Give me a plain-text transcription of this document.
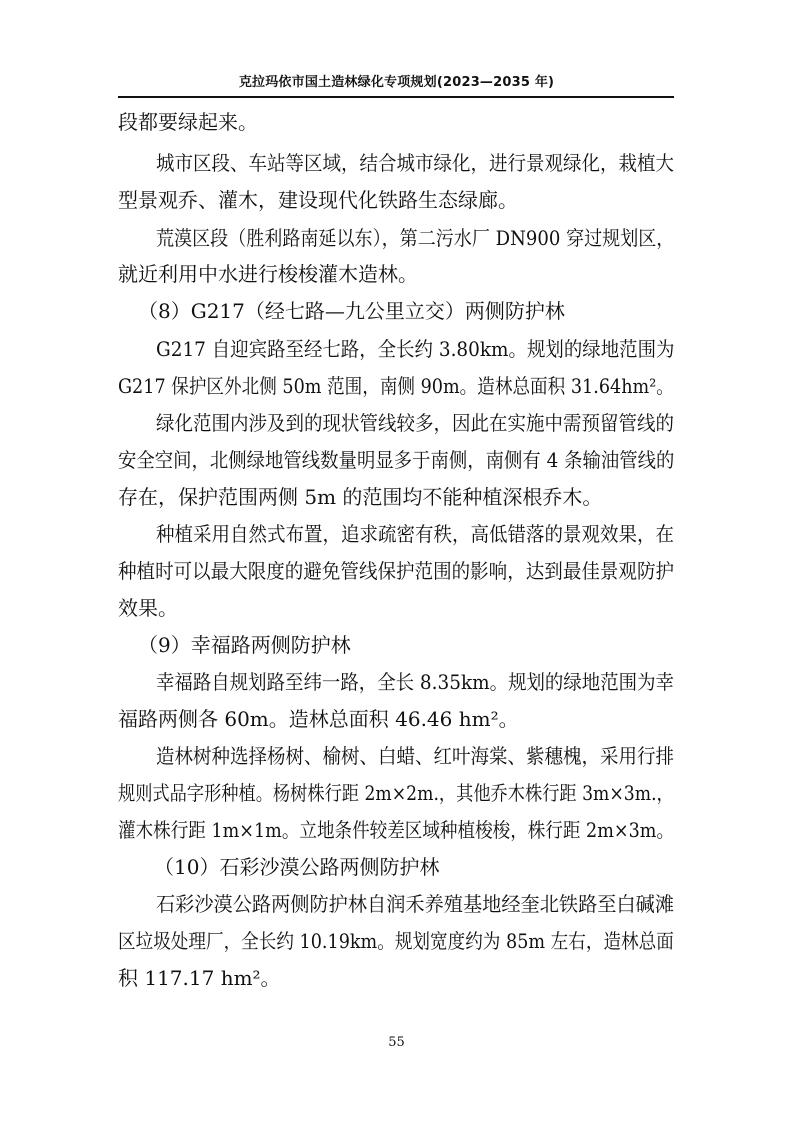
克拉玛依市国土造林绿化专项规划(2023—2035 年)
段都要绿起来。
城市区段、车站等区域，结合城市绿化，进行景观绿化，栽植大
型景观乔、灌木，建设现代化铁路生态绿廊。
荒漠区段（胜利路南延以东），第二污水厂 DN900 穿过规划区，
就近利用中水进行梭梭灌木造林。
（8）G217（经七路—九公里立交）两侧防护林
G217 自迎宾路至经七路，全长约 3.80km。规划的绿地范围为
G217 保护区外北侧 50m 范围，南侧 90m。造林总面积 31.64hm²。
绿化范围内涉及到的现状管线较多，因此在实施中需预留管线的
安全空间，北侧绿地管线数量明显多于南侧，南侧有 4 条输油管线的
存在，保护范围两侧 5m 的范围均不能种植深根乔木。
种植采用自然式布置，追求疏密有秩，高低错落的景观效果，在
种植时可以最大限度的避免管线保护范围的影响，达到最佳景观防护
效果。
（9）幸福路两侧防护林
幸福路自规划路至纬一路，全长 8.35km。规划的绿地范围为幸
福路两侧各 60m。造林总面积 46.46 hm²。
造林树种选择杨树、榆树、白蜡、红叶海棠、紫穗槐，采用行排
规则式品字形种植。杨树株行距 2m×2m.，其他乔木株行距 3m×3m.，
灌木株行距 1m×1m。立地条件较差区域种植梭梭，株行距 2m×3m。
（10）石彩沙漠公路两侧防护林
石彩沙漠公路两侧防护林自润禾养殖基地经奎北铁路至白碱滩
区垃圾处理厂，全长约 10.19km。规划宽度约为 85m 左右，造林总面
积 117.17 hm²。
55
